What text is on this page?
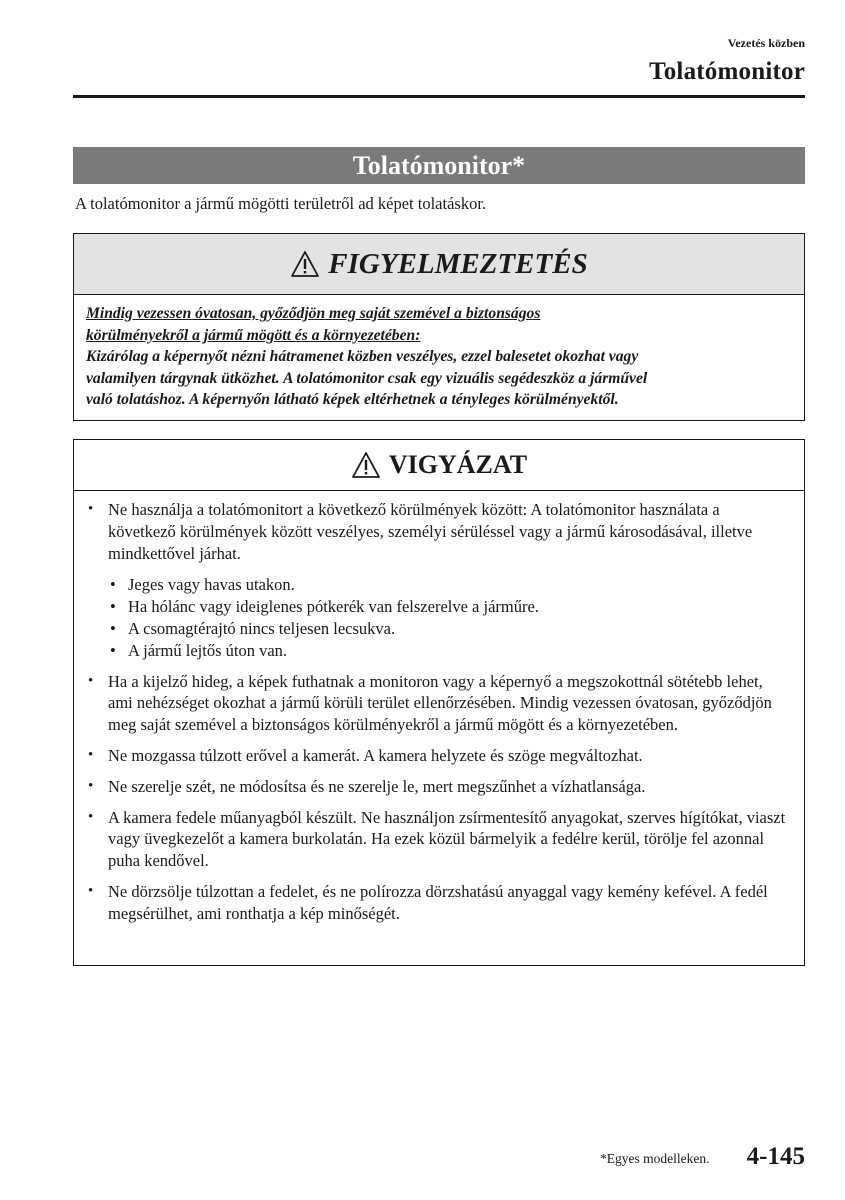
Vezetés közben
Tolatómonitor
Tolatómonitor*
A tolatómonitor a jármű mögötti területről ad képet tolatáskor.
FIGYELMEZTETÉS
Mindig vezessen óvatosan, győződjön meg saját szemével a biztonságos
körülményekről a jármű mögött és a környezetében:
Kizárólag a képernyőt nézni hátramenet közben veszélyes, ezzel balesetet okozhat vagy
valamilyen tárgynak ütközhet. A tolatómonitor csak egy vizuális segédeszköz a járművel
való tolatáshoz. A képernyőn látható képek eltérhetnek a tényleges körülményektől.
VIGYÁZAT
• Ne használja a tolatómonitort a következő körülmények között: A tolatómonitor használata a következő körülmények között veszélyes, személyi sérüléssel vagy a jármű károsodásával, illetve mindkettővel járhat.
• Jeges vagy havas utakon.
• Ha hólánc vagy ideiglenes pótkerék van felszerelve a járműre.
• A csomagtérajtó nincs teljesen lecsukva.
• A jármű lejtős úton van.
• Ha a kijelző hideg, a képek futhatnak a monitoron vagy a képernyő a megszokottnál sötétebb lehet, ami nehézséget okozhat a jármű körüli terület ellenőrzésében. Mindig vezessen óvatosan, győződjön meg saját szemével a biztonságos körülményekről a jármű mögött és a környezetében.
• Ne mozgassa túlzott erővel a kamerát. A kamera helyzete és szöge megváltozhat.
• Ne szerelje szét, ne módosítsa és ne szerelje le, mert megszűnhet a vízhatlansága.
• A kamera fedele műanyagból készült. Ne használjon zsírmentesítő anyagokat, szerves hígítókat, viaszt vagy üvegkezelőt a kamera burkolatán. Ha ezek közül bármelyik a fedélre kerül, törölje fel azonnal puha kendővel.
• Ne dörzsölje túlzottan a fedelet, és ne polírozza dörzshatású anyaggal vagy kemény kefével. A fedél megsérülhet, ami ronthatja a kép minőségét.
*Egyes modelleken. 4-145
